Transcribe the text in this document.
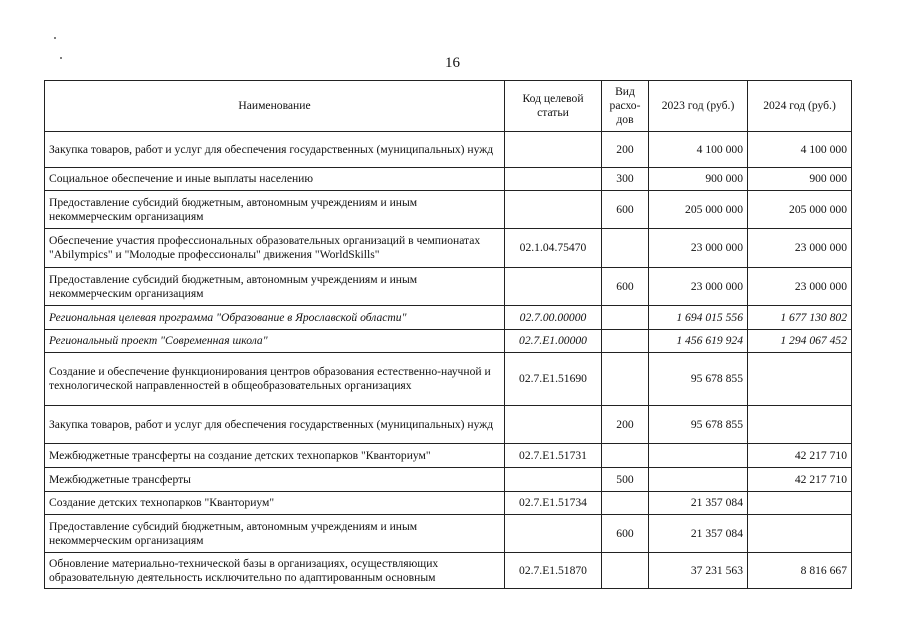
16
Наименование	Код целевой статьи	Вид расхо-дов	2023 год (руб.)	2024 год (руб.)
Закупка товаров, работ и услуг для обеспечения государственных (муниципальных) нужд		200	4 100 000	4 100 000
Социальное обеспечение и иные выплаты населению		300	900 000	900 000
Предоставление субсидий бюджетным, автономным учреждениям и иным некоммерческим организациям		600	205 000 000	205 000 000
Обеспечение участия профессиональных образовательных организаций в чемпионатах "Abilympics" и "Молодые профессионалы" движения "WorldSkills"	02.1.04.75470		23 000 000	23 000 000
Предоставление субсидий бюджетным, автономным учреждениям и иным некоммерческим организациям		600	23 000 000	23 000 000
Региональная целевая программа "Образование в Ярославской области"	02.7.00.00000		1 694 015 556	1 677 130 802
Региональный проект "Современная школа"	02.7.E1.00000		1 456 619 924	1 294 067 452
Создание и обеспечение функционирования центров образования естественно-научной и технологической направленностей в общеобразовательных организациях	02.7.E1.51690		95 678 855	
Закупка товаров, работ и услуг для обеспечения государственных (муниципальных) нужд		200	95 678 855	
Межбюджетные трансферты на создание детских технопарков "Кванториум"	02.7.E1.51731			42 217 710
Межбюджетные трансферты		500		42 217 710
Создание детских технопарков "Кванториум"	02.7.E1.51734		21 357 084	
Предоставление субсидий бюджетным, автономным учреждениям и иным некоммерческим организациям		600	21 357 084	
Обновление материально-технической базы в организациях, осуществляющих образовательную деятельность исключительно по адаптированным основным	02.7.E1.51870		37 231 563	8 816 667
